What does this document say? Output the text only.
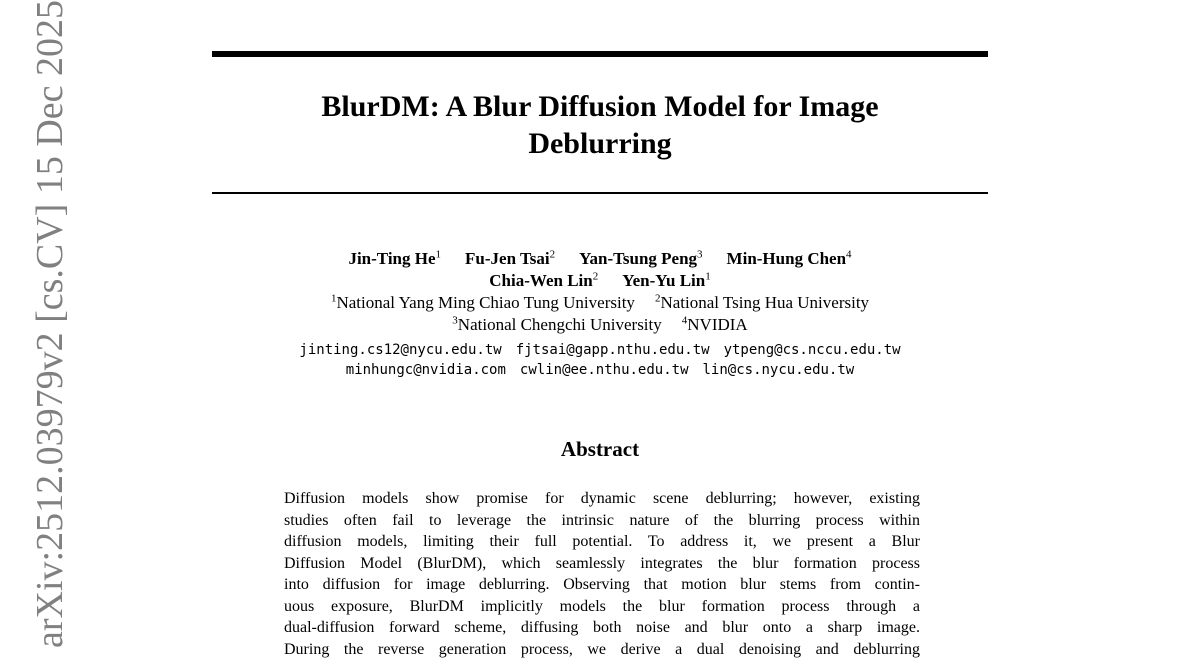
BlurDM: A Blur Diffusion Model for Image
Deblurring
Jin-Ting He$^1$ Fu-Jen Tsai$^2$ Yan-Tsung Peng$^3$ Min-Hung Chen$^4$
Chia-Wen Lin$^2$ Yen-Yu Lin$^1$
$^1$National Yang Ming Chiao Tung University $^2$National Tsing Hua University
$^3$National Chengchi University $^4$NVIDIA
jinting.cs12@nycu.edu.tw fjtsai@gapp.nthu.edu.tw ytpeng@cs.nccu.edu.tw
minhungc@nvidia.com cwlin@ee.nthu.edu.tw lin@cs.nycu.edu.tw
Abstract
Diffusion models show promise for dynamic scene deblurring; however, existing
studies often fail to leverage the intrinsic nature of the blurring process within
diffusion models, limiting their full potential. To address it, we present a Blur
Diffusion Model (BlurDM), which seamlessly integrates the blur formation process
into diffusion for image deblurring. Observing that motion blur stems from contin-
uous exposure, BlurDM implicitly models the blur formation process through a
dual-diffusion forward scheme, diffusing both noise and blur onto a sharp image.
During the reverse generation process, we derive a dual denoising and deblurring
arXiv:2512.03979v2 [cs.CV] 15 Dec 2025
